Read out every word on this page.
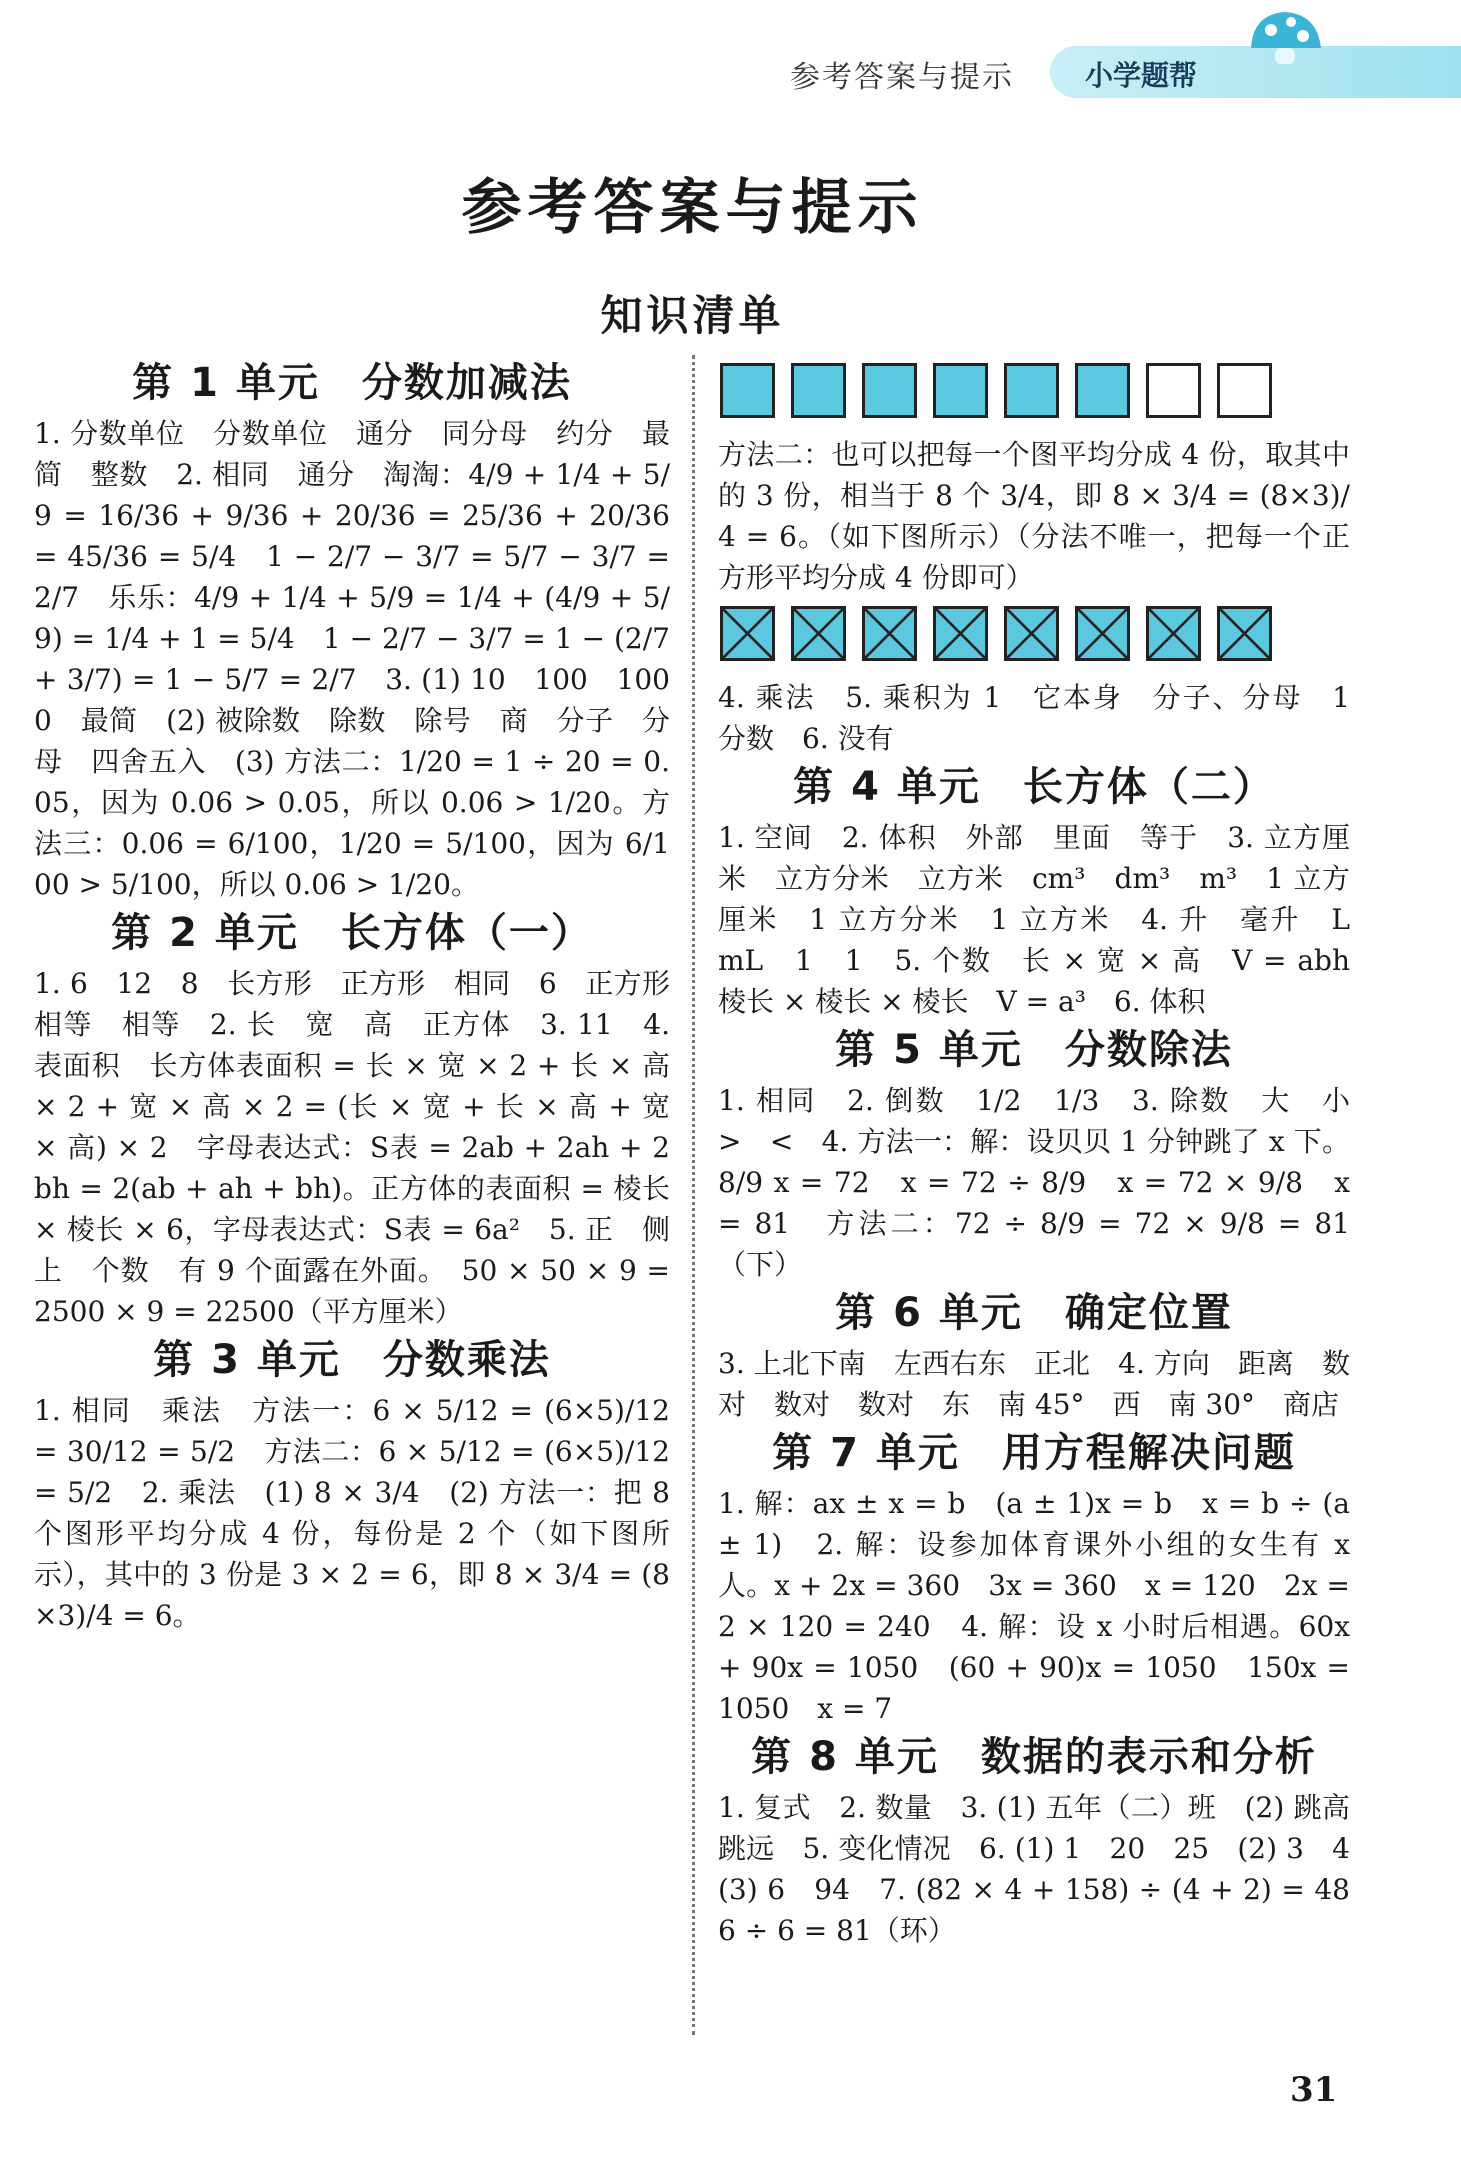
参考答案与提示	小学题帮
参考答案与提示
知识清单
第 1 单元　分数加减法

1. 分数单位　分数单位　通分　同分母　约分　最简　整数　2. 相同　通分　淘淘：4/9 + 1/4 + 5/9 = 16/36 + 9/36 + 20/36 = 25/36 + 20/36 = 45/36 = 5/4　1 − 2/7 − 3/7 = 5/7 − 3/7 = 2/7　乐乐：4/9 + 1/4 + 5/9 = 1/4 + (4/9 + 5/9) = 1/4 + 1 = 5/4　1 − 2/7 − 3/7 = 1 − (2/7 + 3/7) = 1 − 5/7 = 2/7　3. (1) 10　100　1000　最简　(2) 被除数　除数　除号　商　分子　分母　四舍五入　(3) 方法二：1/20 = 1 ÷ 20 = 0.05，因为 0.06 > 0.05，所以 0.06 > 1/20。方法三：0.06 = 6/100，1/20 = 5/100，因为 6/100 > 5/100，所以 0.06 > 1/20。

第 2 单元　长方体（一）

1. 6　12　8　长方形　正方形　相同　6　正方形　相等　相等　2. 长　宽　高　正方体　3. 11　4. 表面积　长方体表面积 = 长 × 宽 × 2 + 长 × 高 × 2 + 宽 × 高 × 2 = (长 × 宽 + 长 × 高 + 宽 × 高) × 2　字母表达式：S表 = 2ab + 2ah + 2bh = 2(ab + ah + bh)。正方体的表面积 = 棱长 × 棱长 × 6，字母表达式：S表 = 6a²　5. 正　侧　上　个数　有 9 个面露在外面。　50 × 50 × 9 = 2500 × 9 = 22500（平方厘米）

第 3 单元　分数乘法

1. 相同　乘法　方法一：6 × 5/12 = (6×5)/12 = 30/12 = 5/2　方法二：6 × 5/12 = (6×5)/12 = 5/2　2. 乘法　(1) 8 × 3/4　(2) 方法一：把 8 个图形平均分成 4 份，每份是 2 个（如下图所示），其中的 3 份是 3 × 2 = 6，即 8 × 3/4 = (8×3)/4 = 6。

方法二：也可以把每一个图平均分成 4 份，取其中的 3 份，相当于 8 个 3/4，即 8 × 3/4 = (8×3)/4 = 6。（如下图所示）（分法不唯一，把每一个正方形平均分成 4 份即可）

4. 乘法　5. 乘积为 1　它本身　分子、分母　1　分数　6. 没有

第 4 单元　长方体（二）

1. 空间　2. 体积　外部　里面　等于　3. 立方厘米　立方分米　立方米　cm³　dm³　m³　1 立方厘米　1 立方分米　1 立方米　4. 升　毫升　L　mL　1　1　5. 个数　长 × 宽 × 高　V = abh　棱长 × 棱长 × 棱长　V = a³　6. 体积

第 5 单元　分数除法

1. 相同　2. 倒数　1/2　1/3　3. 除数　大　小　>　<　4. 方法一：解：设贝贝 1 分钟跳了 x 下。8/9 x = 72　x = 72 ÷ 8/9　x = 72 × 9/8　x = 81　方法二：72 ÷ 8/9 = 72 × 9/8 = 81（下）

第 6 单元　确定位置

3. 上北下南　左西右东　正北　4. 方向　距离　数对　数对　数对　东　南 45°　西　南 30°　商店

第 7 单元　用方程解决问题

1. 解：ax ± x = b　(a ± 1)x = b　x = b ÷ (a ± 1)　2. 解：设参加体育课外小组的女生有 x 人。x + 2x = 360　3x = 360　x = 120　2x = 2 × 120 = 240　4. 解：设 x 小时后相遇。60x + 90x = 1050　(60 + 90)x = 1050　150x = 1050　x = 7

第 8 单元　数据的表示和分析

1. 复式　2. 数量　3. (1) 五年（二）班　(2) 跳高　跳远　5. 变化情况　6. (1) 1　20　25　(2) 3　4　(3) 6　94　7. (82 × 4 + 158) ÷ (4 + 2) = 486 ÷ 6 = 81（环）

31
